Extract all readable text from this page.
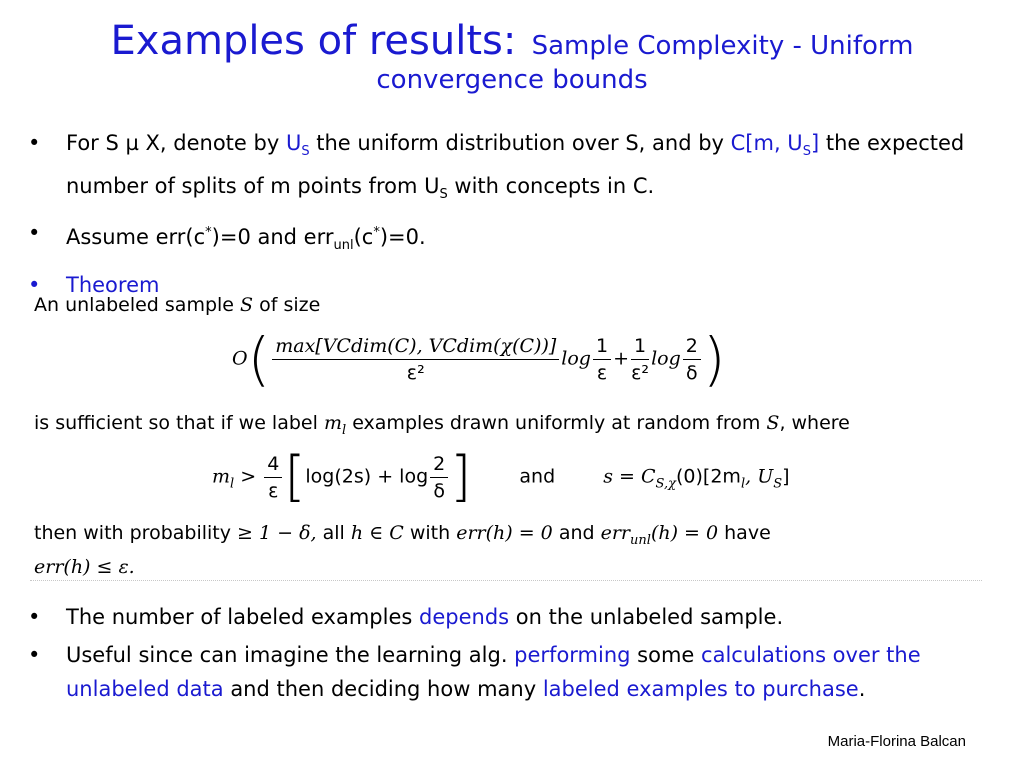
Examples of results: Sample Complexity - Uniform
convergence bounds
• For S µ X, denote by $U_S$ the uniform distribution over S, and by C[m, $U_S$] the expected number of splits of m points from $U_S$ with concepts in C.
• Assume err(c*)=0 and err$_{unl}$(c*)=0.
• Theorem
An unlabeled sample S of size
$O( \frac{\text{max[VCdim(C), VCdim(χ(C))]}}{\text{ε²}}$ $\log \frac{1}{\varepsilon} + \frac{1}{\text{ε²}}$ $\log \frac{2}{\delta}$ )
is sufficient so that if we label $m_l$ examples drawn uniformly at random from S, where
$m_l > \frac{4}{\varepsilon} [\log(2s) + \log \frac{2}{\delta}$ ]	and	$s = C_{S,\chi}(0)[2m_l$, $U_S$]
then with probability ≥ 1 − δ, all h ∈ C with err(h) = 0 and err$_{unl}$(h) = 0 have
err(h) ≤ ε.
• The number of labeled examples depends on the unlabeled sample.
• Useful since can imagine the learning alg. performing some calculations over the unlabeled data and then deciding how many labeled examples to purchase.
Maria-Florina Balcan
